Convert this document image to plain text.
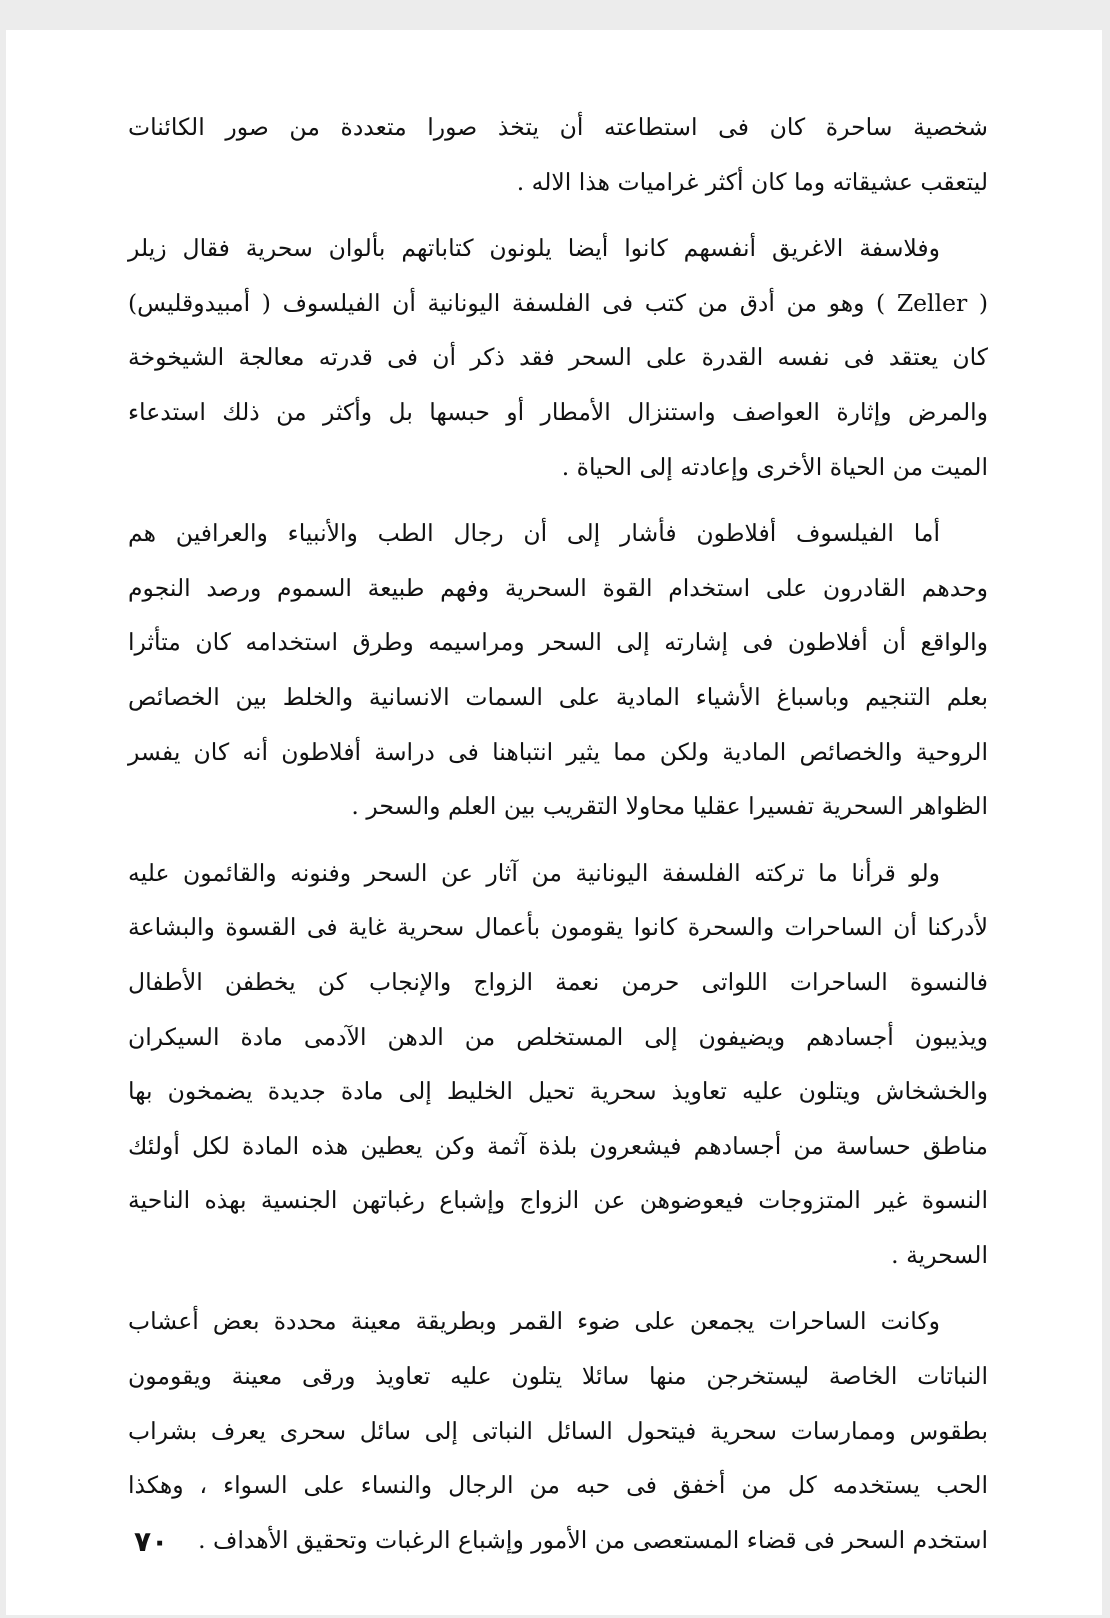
شخصية ساحرة كان فى استطاعته أن يتخذ صورا متعددة من صور الكائنات
ليتعقب عشيقاته وما كان أكثر غراميات هذا الاله .
وفلاسفة الاغريق أنفسهم كانوا أيضا يلونون كتاباتهم بألوان سحرية فقال زيلر
( Zeller ) وهو من أدق من كتب فى الفلسفة اليونانية أن الفيلسوف ( أمبيدوقليس)
كان يعتقد فى نفسه القدرة على السحر فقد ذكر أن فى قدرته معالجة الشيخوخة
والمرض وإثارة العواصف واستنزال الأمطار أو حبسها بل وأكثر من ذلك استدعاء
الميت من الحياة الأخرى وإعادته إلى الحياة .
أما الفيلسوف أفلاطون فأشار إلى أن رجال الطب والأنبياء والعرافين هم
وحدهم القادرون على استخدام القوة السحرية وفهم طبيعة السموم ورصد النجوم
والواقع أن أفلاطون فى إشارته إلى السحر ومراسيمه وطرق استخدامه كان متأثرا
بعلم التنجيم وباسباغ الأشياء المادية على السمات الانسانية والخلط بين الخصائص
الروحية والخصائص المادية ولكن مما يثير انتباهنا فى دراسة أفلاطون أنه كان يفسر
الظواهر السحرية تفسيرا عقليا محاولا التقريب بين العلم والسحر .
ولو قرأنا ما تركته الفلسفة اليونانية من آثار عن السحر وفنونه والقائمون عليه
لأدركنا أن الساحرات والسحرة كانوا يقومون بأعمال سحرية غاية فى القسوة والبشاعة
فالنسوة الساحرات اللواتى حرمن نعمة الزواج والإنجاب كن يخطفن الأطفال
ويذيبون أجسادهم ويضيفون إلى المستخلص من الدهن الآدمى مادة السيكران
والخشخاش ويتلون عليه تعاويذ سحرية تحيل الخليط إلى مادة جديدة يضمخون بها
مناطق حساسة من أجسادهم فيشعرون بلذة آثمة وكن يعطين هذه المادة لكل أولئك
النسوة غير المتزوجات فيعوضوهن عن الزواج وإشباع رغباتهن الجنسية بهذه الناحية
السحرية .
وكانت الساحرات يجمعن على ضوء القمر وبطريقة معينة محددة بعض أعشاب
النباتات الخاصة ليستخرجن منها سائلا يتلون عليه تعاويذ ورقى معينة ويقومون
بطقوس وممارسات سحرية فيتحول السائل النباتى إلى سائل سحرى يعرف بشراب
الحب يستخدمه كل من أخفق فى حبه من الرجال والنساء على السواء ، وهكذا
استخدم السحر فى قضاء المستعصى من الأمور وإشباع الرغبات وتحقيق الأهداف .
٧٠
